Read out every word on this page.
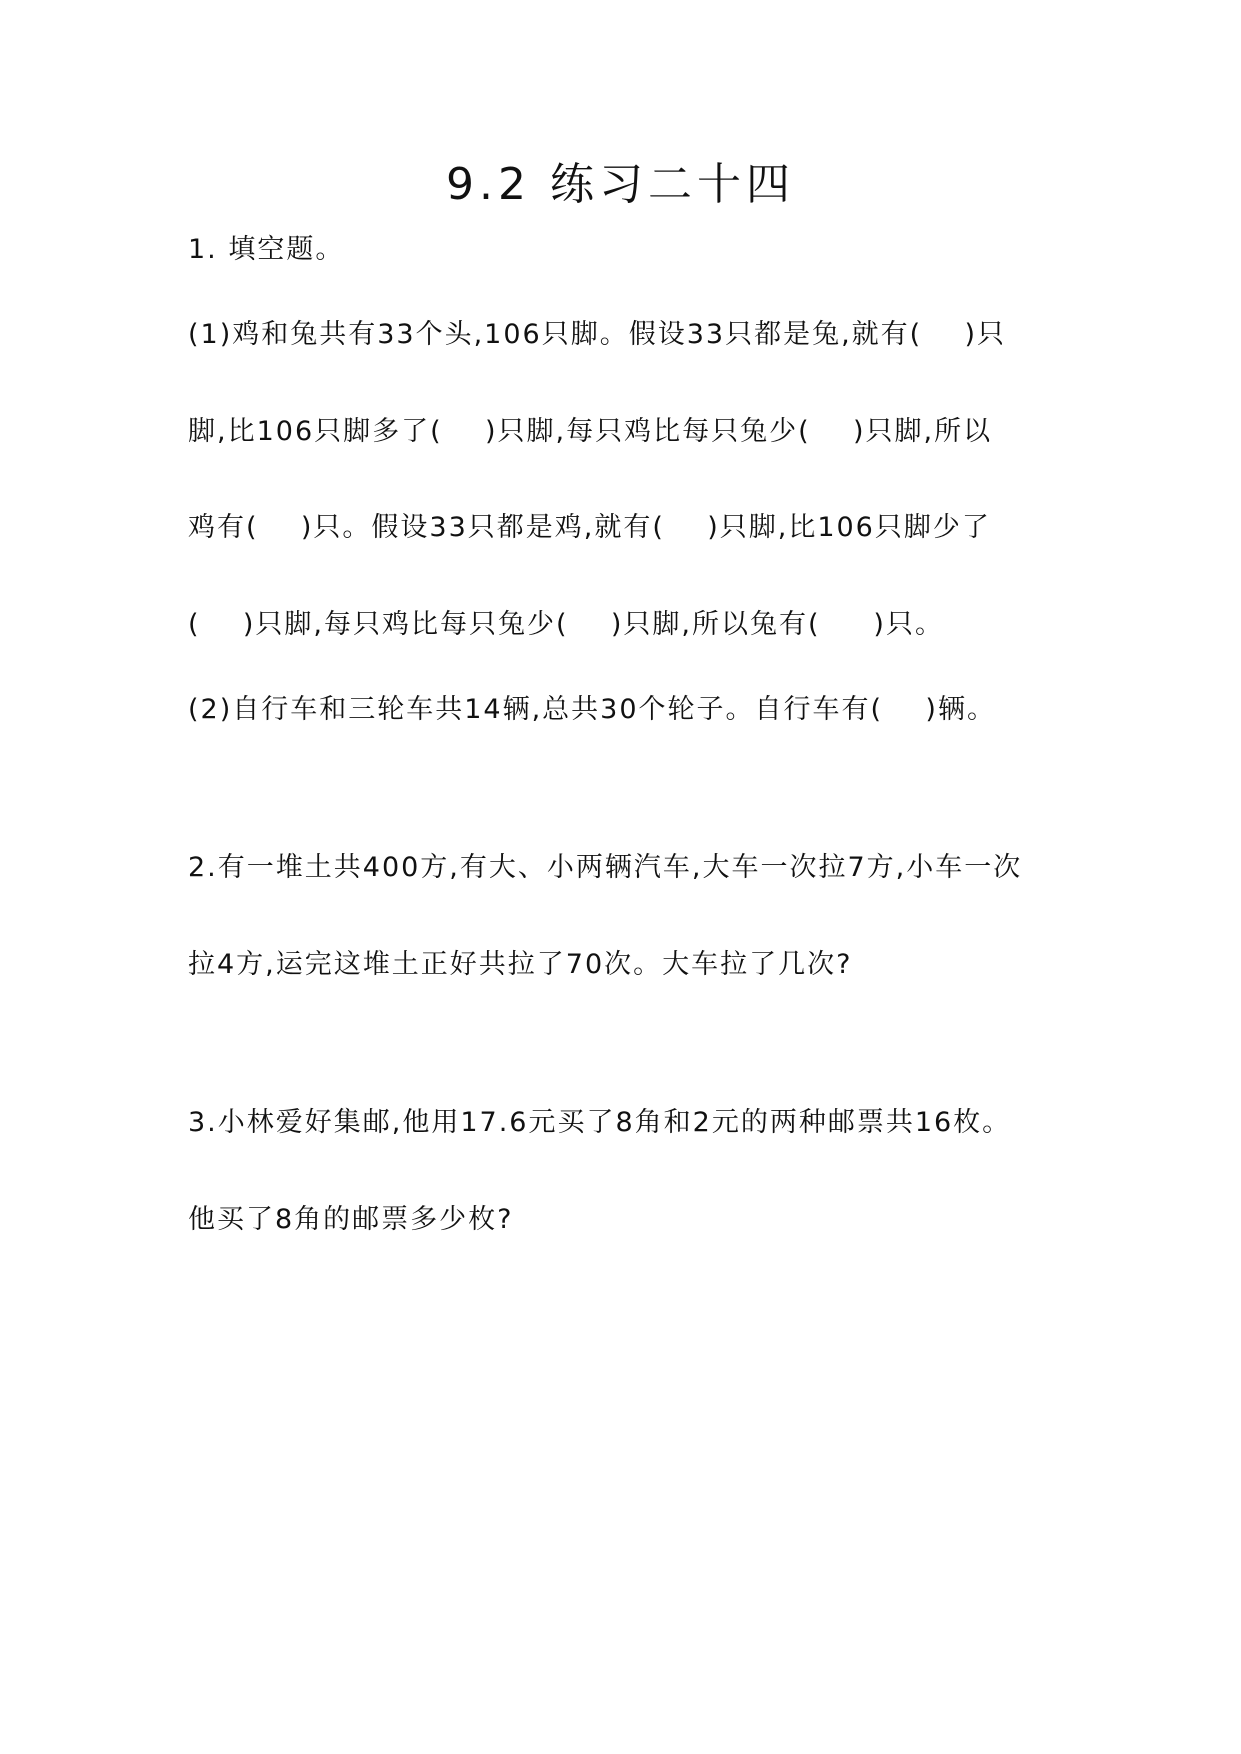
9.2 练习二十四
1. 填空题。
(1)鸡和兔共有33个头,106只脚。假设33只都是兔,就有(    )只
脚,比106只脚多了(    )只脚,每只鸡比每只兔少(    )只脚,所以
鸡有(    )只。假设33只都是鸡,就有(    )只脚,比106只脚少了
(    )只脚,每只鸡比每只兔少(    )只脚,所以兔有(     )只。
(2)自行车和三轮车共14辆,总共30个轮子。自行车有(    )辆。
2.有一堆土共400方,有大、小两辆汽车,大车一次拉7方,小车一次
拉4方,运完这堆土正好共拉了70次。大车拉了几次?
3.小林爱好集邮,他用17.6元买了8角和2元的两种邮票共16枚。
他买了8角的邮票多少枚?
